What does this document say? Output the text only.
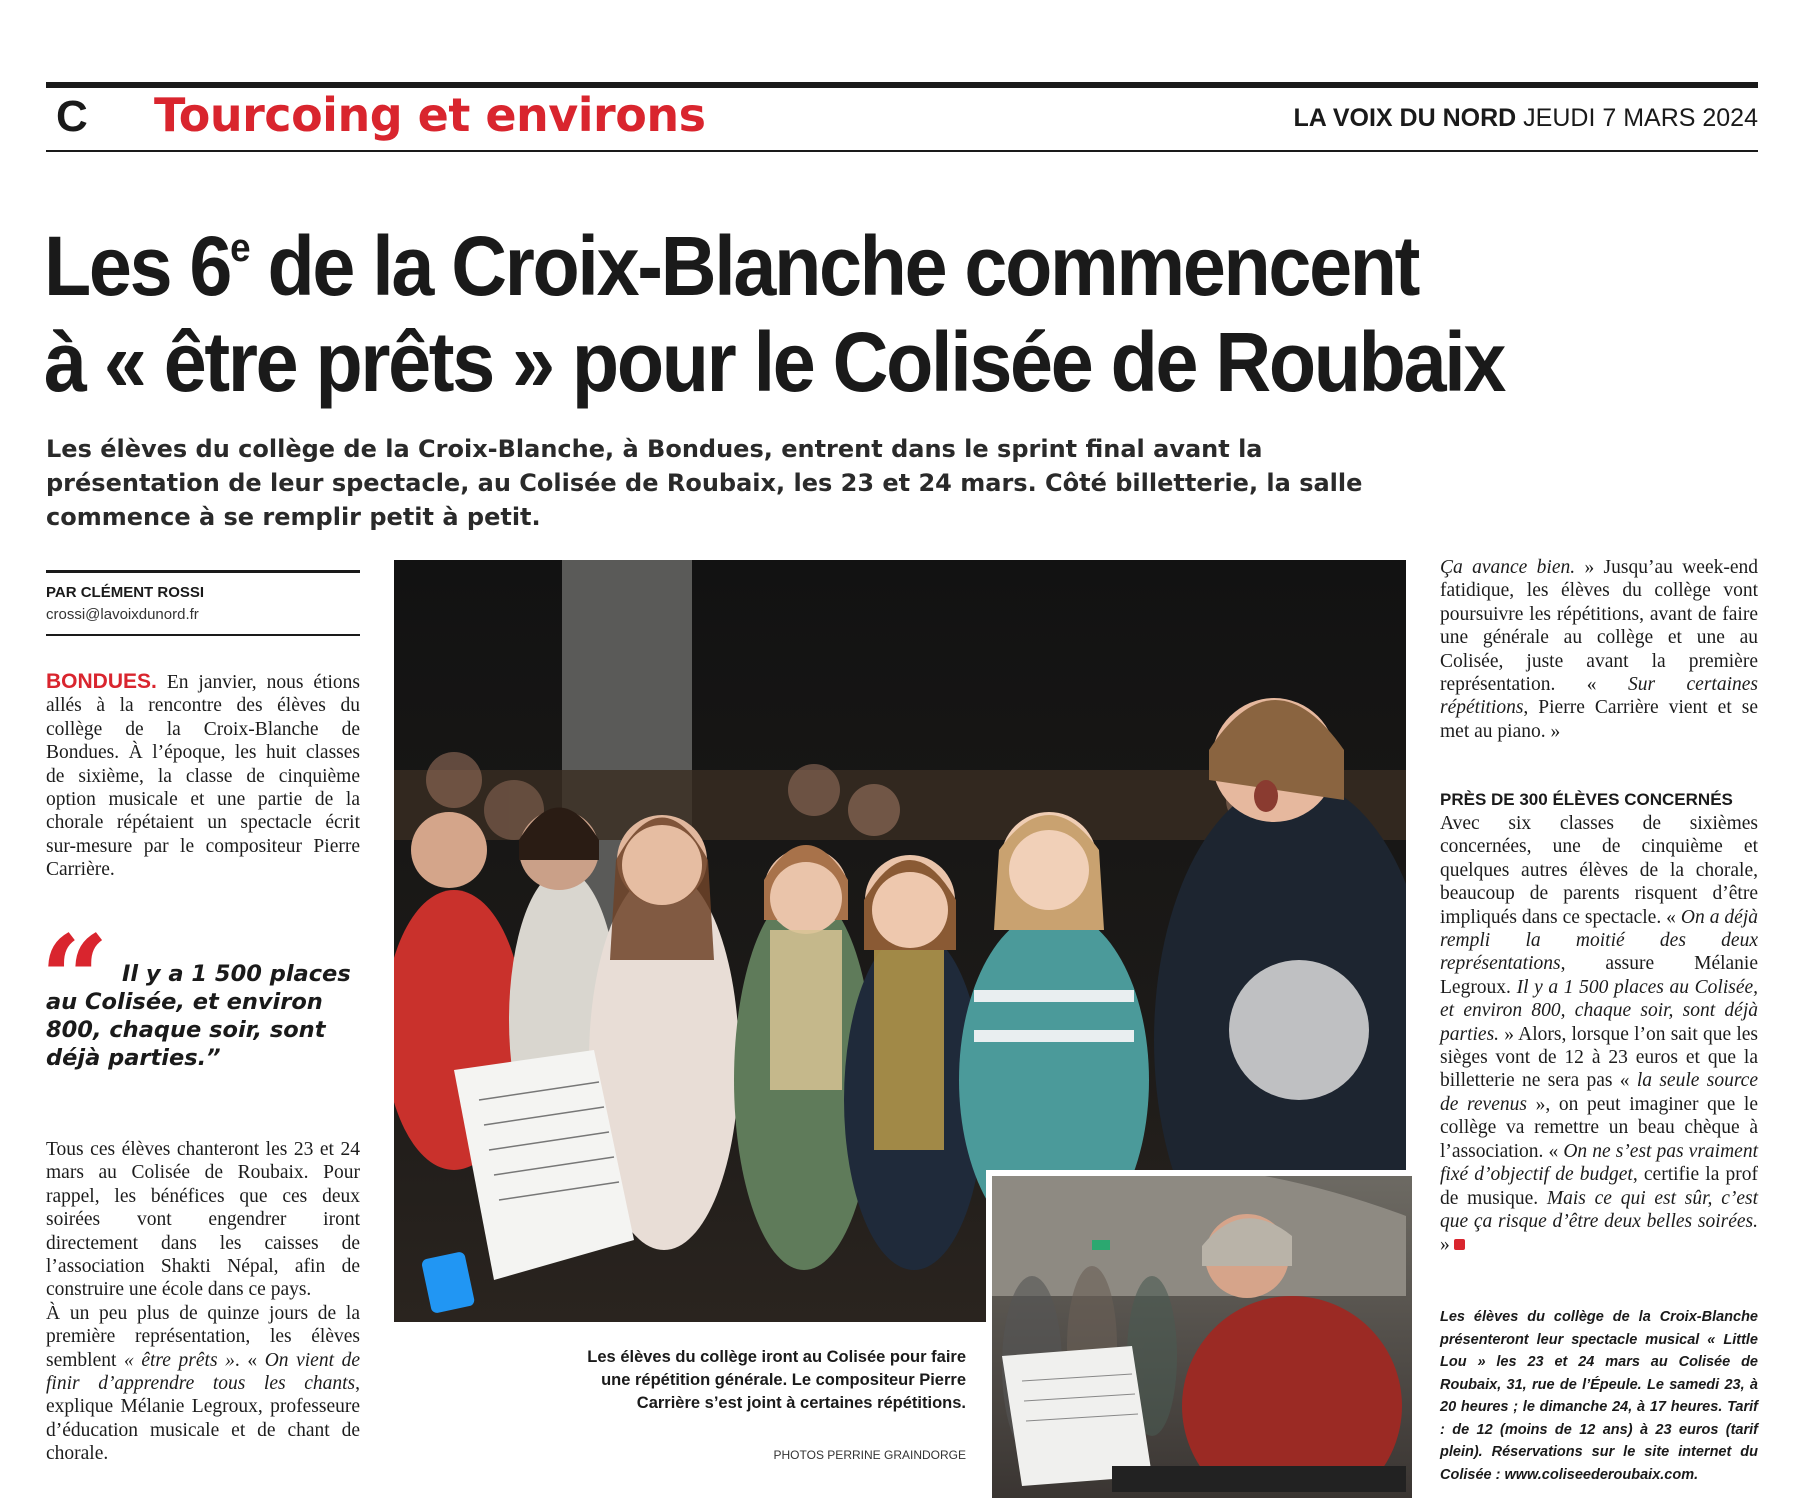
C Tourcoing et environs	LA VOIX DU NORD JEUDI 7 MARS 2024
Les 6e de la Croix-Blanche commencent
à « être prêts » pour le Colisée de Roubaix
Les élèves du collège de la Croix-Blanche, à Bondues, entrent dans le sprint final avant la présentation de leur spectacle, au Colisée de Roubaix, les 23 et 24 mars. Côté billetterie, la salle commence à se remplir petit à petit.
PAR CLÉMENT ROSSI
crossi@lavoixdunord.fr
BONDUES. En janvier, nous étions allés à la rencontre des élèves du collège de la Croix-Blanche de Bondues. À l’époque, les huit classes de sixième, la classe de cinquième option musicale et une partie de la chorale répétaient un spectacle écrit sur-mesure par le compositeur Pierre Carrière.
“ Il y a 1 500 places au Colisée, et environ 800, chaque soir, sont déjà parties.”
Tous ces élèves chanteront les 23 et 24 mars au Colisée de Roubaix. Pour rappel, les bénéfices que ces deux soirées vont engendrer iront directement dans les caisses de l’association Shakti Népal, afin de construire une école dans ce pays.
À un peu plus de quinze jours de la première représentation, les élèves semblent « être prêts ». « On vient de finir d’apprendre tous les chants, explique Mélanie Legroux, professeure d’éducation musicale et de chant de chorale.
Les élèves du collège iront au Colisée pour faire une répétition générale. Le compositeur Pierre Carrière s’est joint à certaines répétitions.
PHOTOS PERRINE GRAINDORGE
Ça avance bien. » Jusqu’au week-end fatidique, les élèves du collège vont poursuivre les répétitions, avant de faire une générale au collège et une au Colisée, juste avant la première représentation. « Sur certaines répétitions, Pierre Carrière vient et se met au piano. »
PRÈS DE 300 ÉLÈVES CONCERNÉS
Avec six classes de sixièmes concernées, une de cinquième et quelques autres élèves de la chorale, beaucoup de parents risquent d’être impliqués dans ce spectacle. « On a déjà rempli la moitié des deux représentations, assure Mélanie Legroux. Il y a 1 500 places au Colisée, et environ 800, chaque soir, sont déjà parties. » Alors, lorsque l’on sait que les sièges vont de 12 à 23 euros et que la billetterie ne sera pas « la seule source de revenus », on peut imaginer que le collège va remettre un beau chèque à l’association. « On ne s’est pas vraiment fixé d’objectif de budget, certifie la prof de musique. Mais ce qui est sûr, c’est que ça risque d’être deux belles soirées. »
Les élèves du collège de la Croix-Blanche présenteront leur spectacle musical « Little Lou » les 23 et 24 mars au Colisée de Roubaix, 31, rue de l’Épeule. Le samedi 23, à 20 heures ; le dimanche 24, à 17 heures. Tarif : de 12 (moins de 12 ans) à 23 euros (tarif plein). Réservations sur le site internet du Colisée : www.coliseederoubaix.com.
